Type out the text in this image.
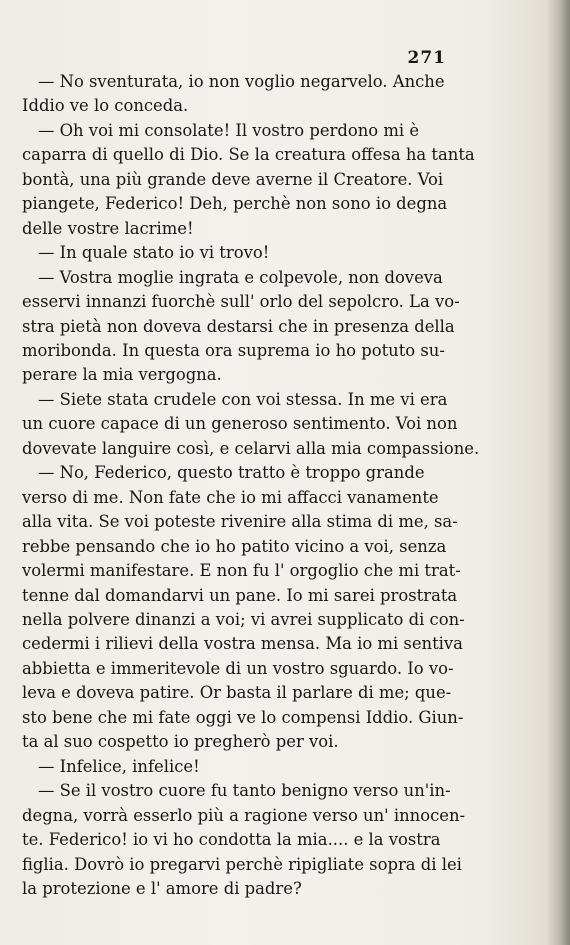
271

— No sventurata, io non voglio negarvelo. Anche
Iddio ve lo conceda.

— Oh voi mi consolate! Il vostro perdono mi è
caparra di quello di Dio. Se la creatura offesa ha tanta
bontà, una più grande deve averne il Creatore. Voi
piangete, Federico! Deh, perchè non sono io degna
delle vostre lacrime!

— In quale stato io vi trovo!

— Vostra moglie ingrata e colpevole, non doveva
esservi innanzi fuorchè sull' orlo del sepolcro. La vo-
stra pietà non doveva destarsi che in presenza della
moribonda. In questa ora suprema io ho potuto su-
perare la mia vergogna.

— Siete stata crudele con voi stessa. In me vi era
un cuore capace di un generoso sentimento. Voi non
dovevate languire così, e celarvi alla mia compassione.

— No, Federico, questo tratto è troppo grande
verso di me. Non fate che io mi affacci vanamente
alla vita. Se voi poteste rivenire alla stima di me, sa-
rebbe pensando che io ho patito vicino a voi, senza
volermi manifestare. E non fu l' orgoglio che mi trat-
tenne dal domandarvi un pane. Io mi sarei prostrata
nella polvere dinanzi a voi; vi avrei supplicato di con-
cedermi i rilievi della vostra mensa. Ma io mi sentiva
abbietta e immeritevole di un vostro sguardo. Io vo-
leva e doveva patire. Or basta il parlare di me; que-
sto bene che mi fate oggi ve lo compensi Iddio. Giun-
ta al suo cospetto io pregherò per voi.

— Infelice, infelice!

— Se il vostro cuore fu tanto benigno verso un'in-
degna, vorrà esserlo più a ragione verso un' innocen-
te. Federico! io vi ho condotta la mia.... e la vostra
figlia. Dovrò io pregarvi perchè ripigliate sopra di lei
la protezione e l' amore di padre?
